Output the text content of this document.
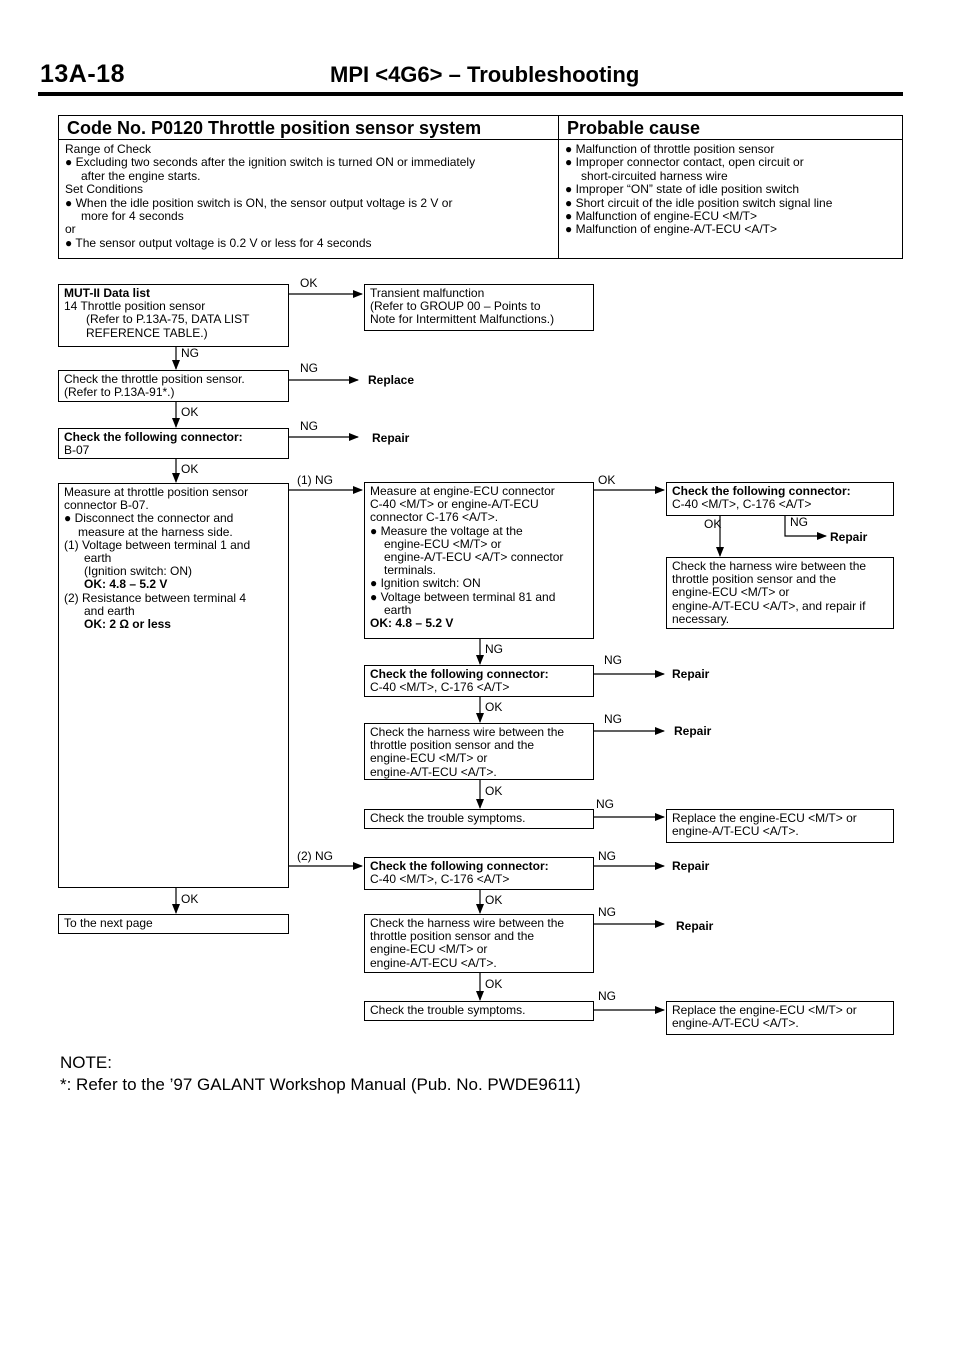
13A-18	MPI <4G6> – Troubleshooting
Code No. P0120 Throttle position sensor system
Range of Check
● Excluding two seconds after the ignition switch is turned ON or immediately
after the engine starts.
Set Conditions
● When the idle position switch is ON, the sensor output voltage is 2 V or
more for 4 seconds
or
● The sensor output voltage is 0.2 V or less for 4 seconds
Probable cause
● Malfunction of throttle position sensor
● Improper connector contact, open circuit or
short-circuited harness wire
● Improper “ON” state of idle position switch
● Short circuit of the idle position switch signal line
● Malfunction of engine-ECU <M/T>
● Malfunction of engine-A/T-ECU <A/T>
MUT-II Data list
14 Throttle position sensor
(Refer to P.13A-75, DATA LIST
REFERENCE TABLE.)
Check the throttle position sensor.
(Refer to P.13A-91*.)
Check the following connector:
B-07
Measure at throttle position sensor
connector B-07.
● Disconnect the connector and
measure at the harness side.
(1) Voltage between terminal 1 and
earth
(Ignition switch: ON)
OK: 4.8 – 5.2 V
(2) Resistance between terminal 4
and earth
OK: 2 Ω or less
To the next page
Transient malfunction
(Refer to GROUP 00 – Points to
Note for Intermittent Malfunctions.)
Measure at engine-ECU connector
C-40 <M/T> or engine-A/T-ECU
connector C-176 <A/T>.
● Measure the voltage at the
engine-ECU <M/T> or
engine-A/T-ECU <A/T> connector
terminals.
● Ignition switch: ON
● Voltage between terminal 81 and
earth
OK: 4.8 – 5.2 V
Check the following connector:
C-40 <M/T>, C-176 <A/T>
Check the harness wire between the
throttle position sensor and the
engine-ECU <M/T> or
engine-A/T-ECU <A/T>.
Check the trouble symptoms.
Check the following connector:
C-40 <M/T>, C-176 <A/T>
Check the harness wire between the
throttle position sensor and the
engine-ECU <M/T> or
engine-A/T-ECU <A/T>.
Check the trouble symptoms.
Check the following connector:
C-40 <M/T>, C-176 <A/T>
Check the harness wire between the
throttle position sensor and the
engine-ECU <M/T> or
engine-A/T-ECU <A/T>, and repair if
necessary.
Replace the engine-ECU <M/T> or
engine-A/T-ECU <A/T>.
Replace the engine-ECU <M/T> or
engine-A/T-ECU <A/T>.
Replace
Repair
Repair
Repair
Repair
Repair
Repair
OK
NG
NG
OK
NG
OK
(1) NG	OK
OK	NG
NG
NG
OK
NG
OK
NG
(2) NG	NG
OK	OK
NG
OK
NG
NOTE:
*: Refer to the ’97 GALANT Workshop Manual (Pub. No. PWDE9611)
